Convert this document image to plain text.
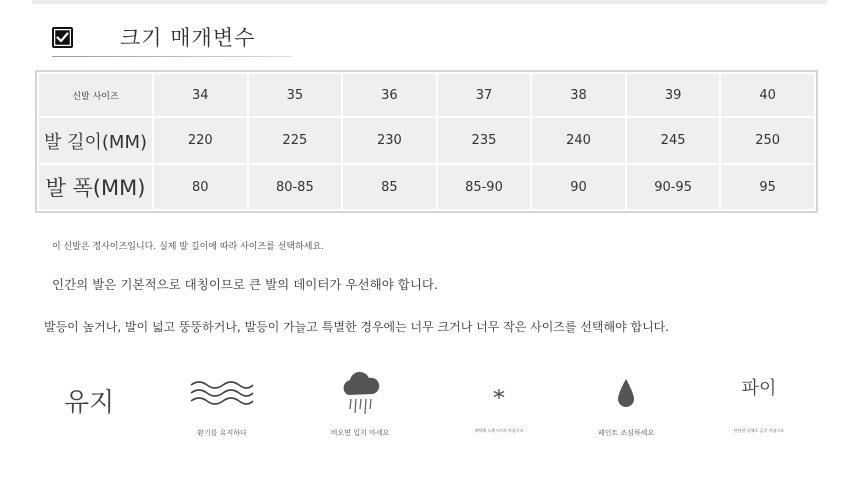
크기 매개변수
신발 사이즈	34	35	36	37	38	39	40
발 길이(MM)	220	225	230	235	240	245	250
발 폭(MM)	80	80-85	85	85-90	90	90-95	95
이 신발은 정사이즈입니다. 실제 발 길이에 따라 사이즈를 선택하세요.
인간의 발은 기본적으로 대칭이므로 큰 발의 데이터가 우선해야 합니다.
발등이 높거나, 발이 넓고 뚱뚱하거나, 발등이 가늘고 특별한 경우에는 너무 크거나 너무 작은 사이즈를 선택해야 합니다.
유지
환기를 유지하다	비오면 입지 마세요	세탁에 노출시키지 마십시오	페인트 조심하세요
파이
단단한 물체로 긁지 마십시오
